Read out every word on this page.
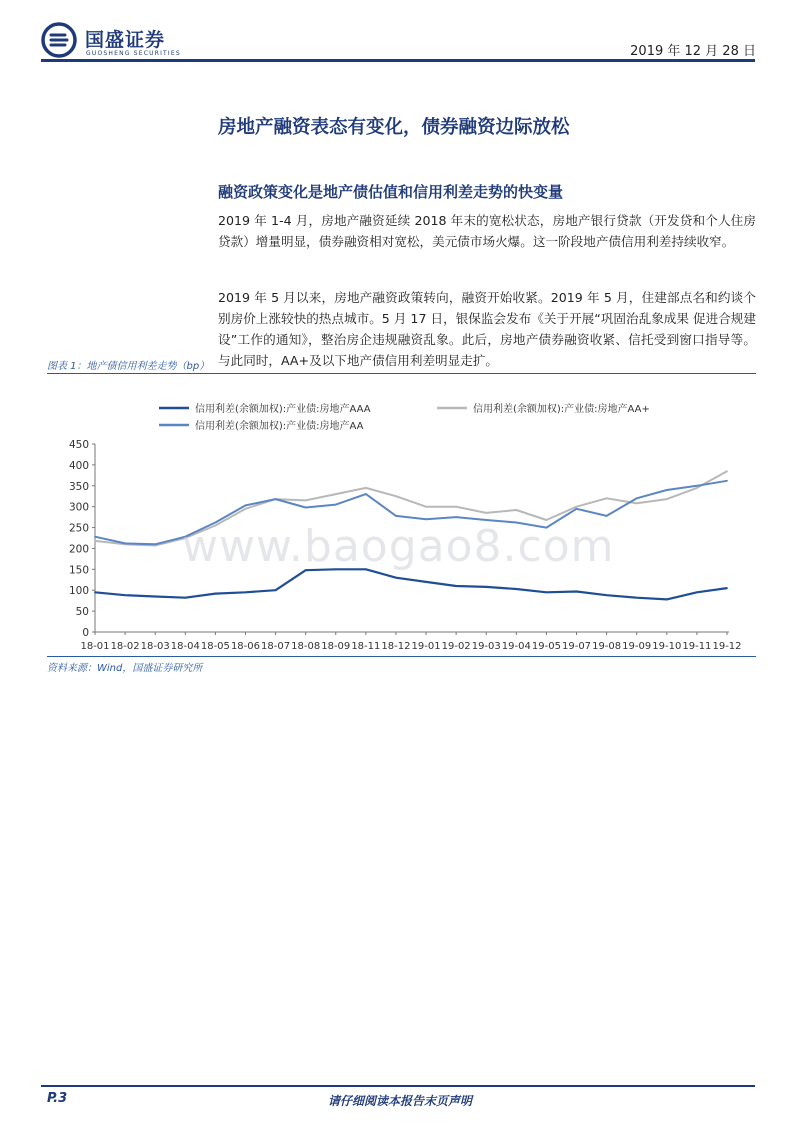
国盛证券
GUOSHENG SECURITIES	2019 年 12 月 28 日
房地产融资表态有变化，债券融资边际放松
融资政策变化是地产债估值和信用利差走势的快变量
2019 年 1-4 月，房地产融资延续 2018 年末的宽松状态，房地产银行贷款（开发贷和个人住房贷款）增量明显，债券融资相对宽松，美元债市场火爆。这一阶段地产债信用利差持续收窄。
2019 年 5 月以来，房地产融资政策转向，融资开始收紧。2019 年 5 月，住建部点名和约谈个别房价上涨较快的热点城市。5 月 17 日，银保监会发布《关于开展“巩固治乱象成果 促进合规建设”工作的通知》，整治房企违规融资乱象。此后，房地产债券融资收紧、信托受到窗口指导等。与此同时，AA+及以下地产债信用利差明显走扩。
图表 1：地产债信用利差走势（bp）
0
50
100
150
200
250
300
350
400
450
18-01 18-02 18-03 18-04 18-05 18-06 18-07 18-08 18-09 18-11 18-12 19-01 19-02 19-03 19-04 19-05 19-07 19-08 19-09 19-10 19-11 19-12
信用利差(余额加权):产业债:房地产AAA	信用利差(余额加权):产业债:房地产AA+
信用利差(余额加权):产业债:房地产AA
资料来源：Wind，国盛证券研究所
www.baogao8.com
P.3	请仔细阅读本报告末页声明
